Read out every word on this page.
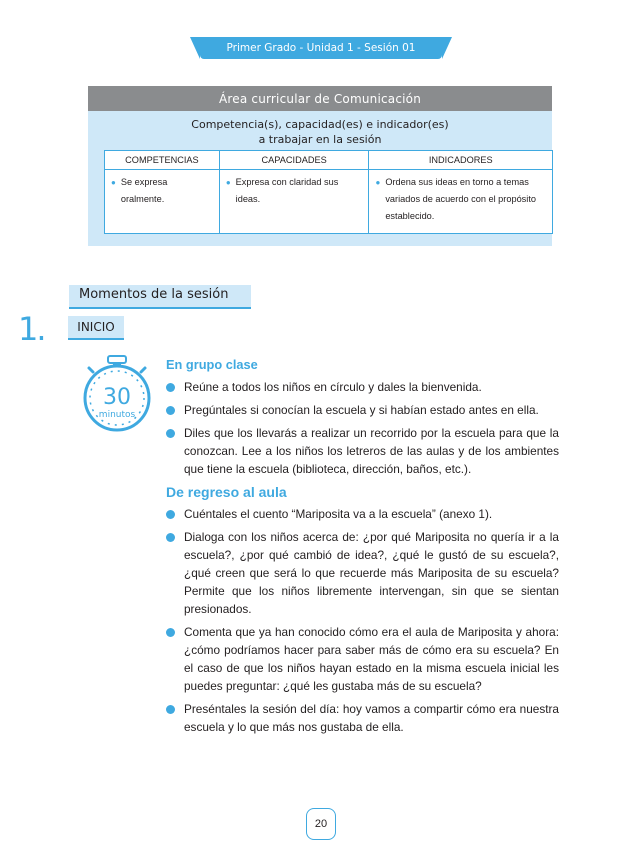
Primer Grado - Unidad 1 - Sesión 01
Área curricular de Comunicación
Competencia(s), capacidad(es) e indicador(es)
a trabajar en la sesión
COMPETENCIAS	CAPACIDADES	INDICADORES

● Se expresa oralmente.	● Expresa con claridad sus ideas.	● Ordena sus ideas en torno a temas variados de acuerdo con el propósito establecido.
Momentos de la sesión
1.	INICIO
30
minutos
En grupo clase
Reúne a todos los niños en círculo y dales la bienvenida.
Pregúntales si conocían la escuela y si habían estado antes en ella.
Diles que los llevarás a realizar un recorrido por la escuela para que la conozcan. Lee a los niños los letreros de las aulas y de los ambientes que tiene la escuela (biblioteca, dirección, baños, etc.).
De regreso al aula
Cuéntales el cuento “Mariposita va a la escuela” (anexo 1).
Dialoga con los niños acerca de: ¿por qué Mariposita no quería ir a la escuela?, ¿por qué cambió de idea?, ¿qué le gustó de su escuela?, ¿qué creen que será lo que recuerde más Mariposita de su escuela? Permite que los niños libremente intervengan, sin que se sientan presionados.
Comenta que ya han conocido cómo era el aula de Mariposita y ahora: ¿cómo podríamos hacer para saber más de cómo era su escuela? En el caso de que los niños hayan estado en la misma escuela inicial les puedes preguntar: ¿qué les gustaba más de su escuela?
Preséntales la sesión del día: hoy vamos a compartir cómo era nuestra escuela y lo que más nos gustaba de ella.
20
